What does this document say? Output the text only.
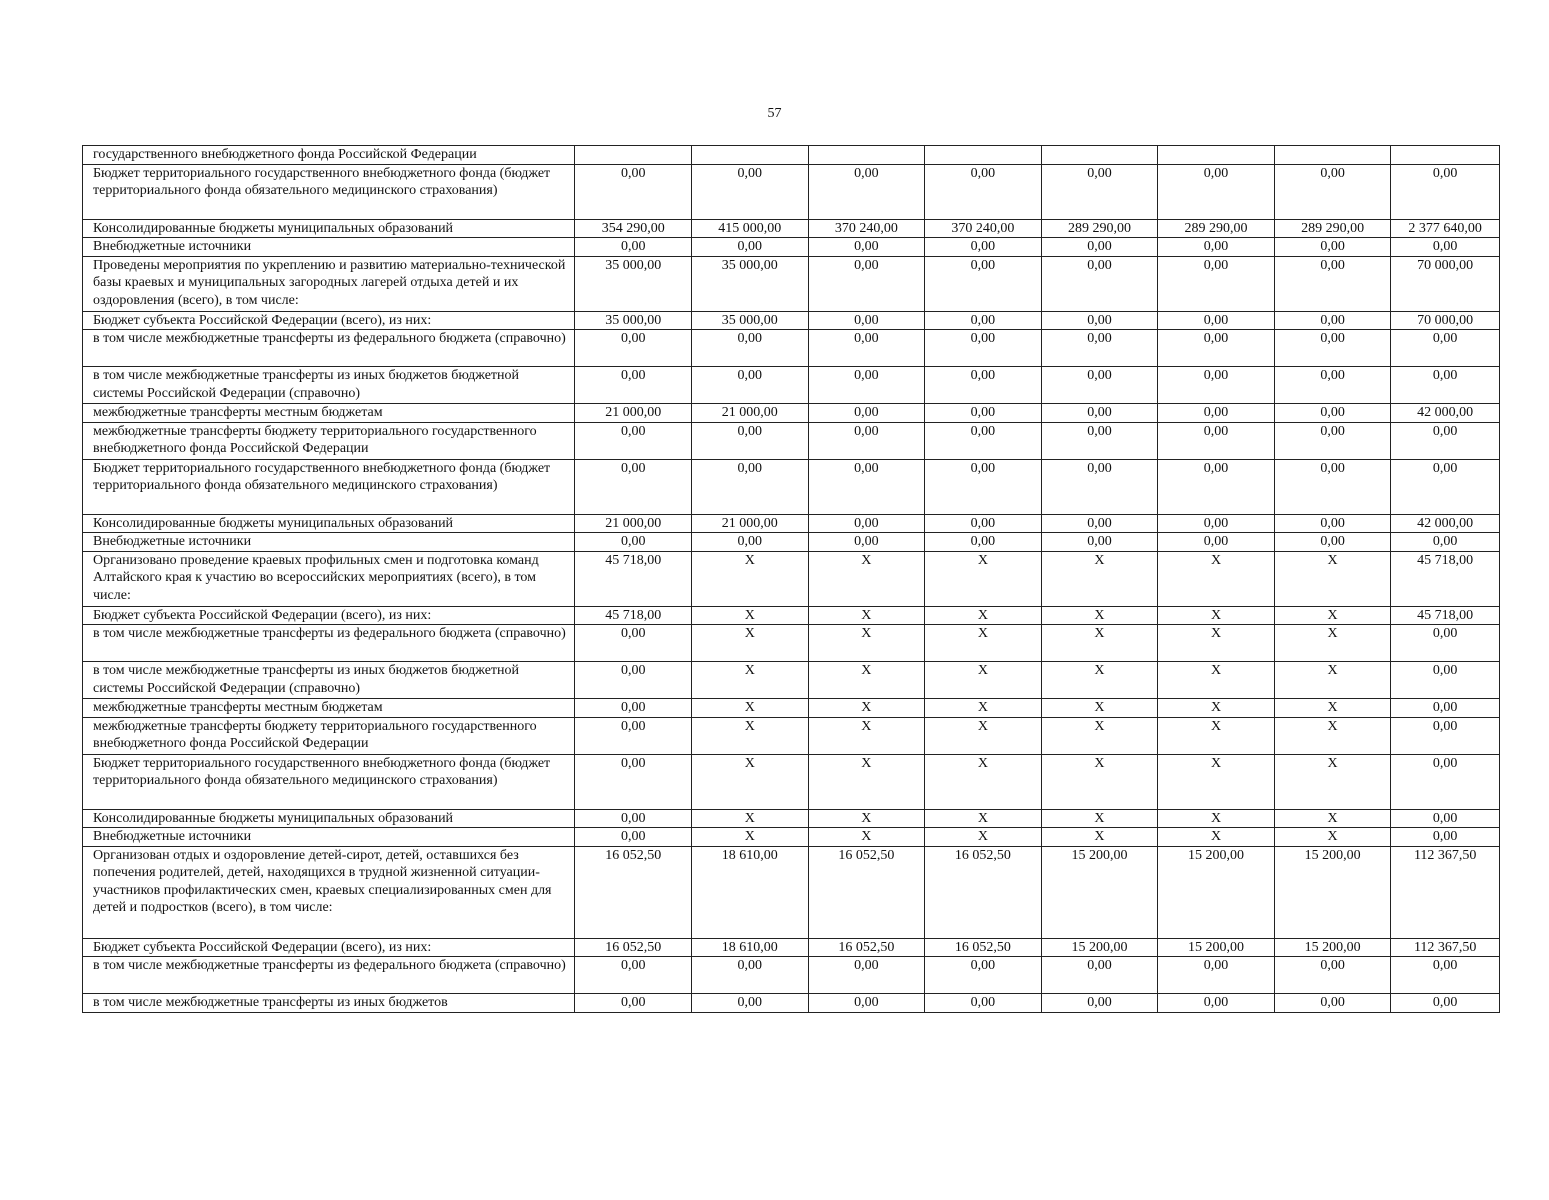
57
государственного внебюджетного фонда Российской Федерации								
Бюджет территориального государственного внебюджетного фонда (бюджет территориального фонда обязательного медицинского страхования)	0,00	0,00	0,00	0,00	0,00	0,00	0,00	0,00
Консолидированные бюджеты муниципальных образований	354 290,00	415 000,00	370 240,00	370 240,00	289 290,00	289 290,00	289 290,00	2 377 640,00
Внебюджетные источники	0,00	0,00	0,00	0,00	0,00	0,00	0,00	0,00
Проведены мероприятия по укреплению и развитию материально-технической базы краевых и муниципальных загородных лагерей отдыха детей и их оздоровления (всего), в том числе:	35 000,00	35 000,00	0,00	0,00	0,00	0,00	0,00	70 000,00
Бюджет субъекта Российской Федерации (всего), из них:	35 000,00	35 000,00	0,00	0,00	0,00	0,00	0,00	70 000,00
в том числе межбюджетные трансферты из федерального бюджета (справочно)	0,00	0,00	0,00	0,00	0,00	0,00	0,00	0,00
в том числе межбюджетные трансферты из иных бюджетов бюджетной системы Российской Федерации (справочно)	0,00	0,00	0,00	0,00	0,00	0,00	0,00	0,00
межбюджетные трансферты местным бюджетам	21 000,00	21 000,00	0,00	0,00	0,00	0,00	0,00	42 000,00
межбюджетные трансферты бюджету территориального государственного внебюджетного фонда Российской Федерации	0,00	0,00	0,00	0,00	0,00	0,00	0,00	0,00
Бюджет территориального государственного внебюджетного фонда (бюджет территориального фонда обязательного медицинского страхования)	0,00	0,00	0,00	0,00	0,00	0,00	0,00	0,00
Консолидированные бюджеты муниципальных образований	21 000,00	21 000,00	0,00	0,00	0,00	0,00	0,00	42 000,00
Внебюджетные источники	0,00	0,00	0,00	0,00	0,00	0,00	0,00	0,00
Организовано проведение краевых профильных смен и подготовка команд Алтайского края к участию во всероссийских мероприятиях (всего), в том числе:	45 718,00	X	X	X	X	X	X	45 718,00
Бюджет субъекта Российской Федерации (всего), из них:	45 718,00	X	X	X	X	X	X	45 718,00
в том числе межбюджетные трансферты из федерального бюджета (справочно)	0,00	X	X	X	X	X	X	0,00
в том числе межбюджетные трансферты из иных бюджетов бюджетной системы Российской Федерации (справочно)	0,00	X	X	X	X	X	X	0,00
межбюджетные трансферты местным бюджетам	0,00	X	X	X	X	X	X	0,00
межбюджетные трансферты бюджету территориального государственного внебюджетного фонда Российской Федерации	0,00	X	X	X	X	X	X	0,00
Бюджет территориального государственного внебюджетного фонда (бюджет территориального фонда обязательного медицинского страхования)	0,00	X	X	X	X	X	X	0,00
Консолидированные бюджеты муниципальных образований	0,00	X	X	X	X	X	X	0,00
Внебюджетные источники	0,00	X	X	X	X	X	X	0,00
Организован отдых и оздоровление детей-сирот, детей, оставшихся без попечения родителей, детей, находящихся в трудной жизненной ситуации-участников профилактических смен, краевых специализированных смен для детей и подростков (всего), в том числе:	16 052,50	18 610,00	16 052,50	16 052,50	15 200,00	15 200,00	15 200,00	112 367,50
Бюджет субъекта Российской Федерации (всего), из них:	16 052,50	18 610,00	16 052,50	16 052,50	15 200,00	15 200,00	15 200,00	112 367,50
в том числе межбюджетные трансферты из федерального бюджета (справочно)	0,00	0,00	0,00	0,00	0,00	0,00	0,00	0,00
в том числе межбюджетные трансферты из иных бюджетов	0,00	0,00	0,00	0,00	0,00	0,00	0,00	0,00
